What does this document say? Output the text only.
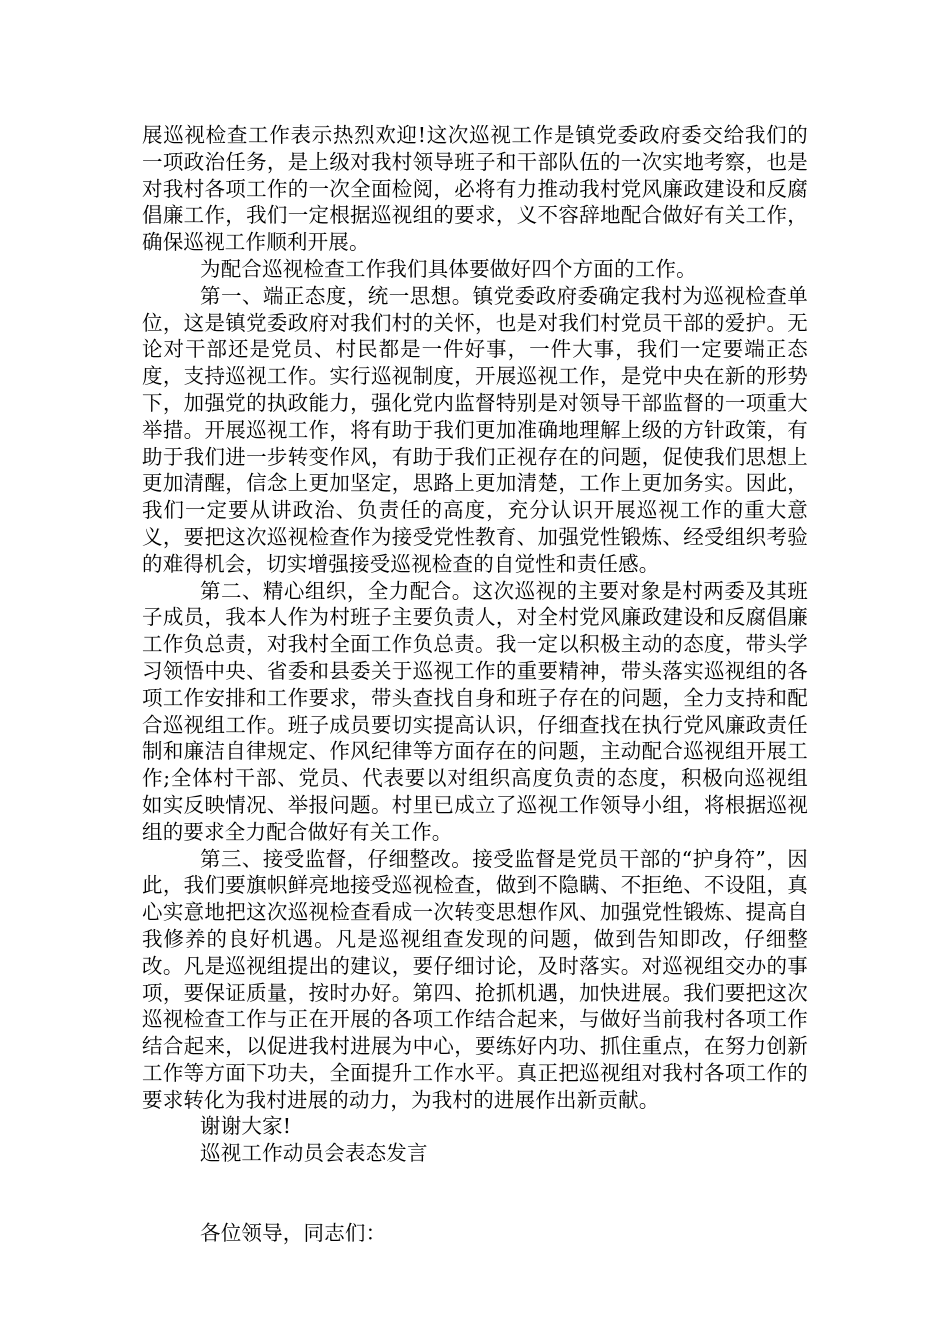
展巡视检查工作表示热烈欢迎!这次巡视工作是镇党委政府委交给我们的一项政治任务，是上级对我村领导班子和干部队伍的一次实地考察，也是对我村各项工作的一次全面检阅，必将有力推动我村党风廉政建设和反腐倡廉工作，我们一定根据巡视组的要求，义不容辞地配合做好有关工作，确保巡视工作顺利开展。

为配合巡视检查工作我们具体要做好四个方面的工作。

第一、端正态度，统一思想。镇党委政府委确定我村为巡视检查单位，这是镇党委政府对我们村的关怀，也是对我们村党员干部的爱护。无论对干部还是党员、村民都是一件好事，一件大事，我们一定要端正态度，支持巡视工作。实行巡视制度，开展巡视工作，是党中央在新的形势下，加强党的执政能力，强化党内监督特别是对领导干部监督的一项重大举措。开展巡视工作，将有助于我们更加准确地理解上级的方针政策，有助于我们进一步转变作风，有助于我们正视存在的问题，促使我们思想上更加清醒，信念上更加坚定，思路上更加清楚，工作上更加务实。因此，我们一定要从讲政治、负责任的高度，充分认识开展巡视工作的重大意义，要把这次巡视检查作为接受党性教育、加强党性锻炼、经受组织考验的难得机会，切实增强接受巡视检查的自觉性和责任感。

第二、精心组织，全力配合。这次巡视的主要对象是村两委及其班子成员，我本人作为村班子主要负责人，对全村党风廉政建设和反腐倡廉工作负总责，对我村全面工作负总责。我一定以积极主动的态度，带头学习领悟中央、省委和县委关于巡视工作的重要精神，带头落实巡视组的各项工作安排和工作要求，带头查找自身和班子存在的问题，全力支持和配合巡视组工作。班子成员要切实提高认识，仔细查找在执行党风廉政责任制和廉洁自律规定、作风纪律等方面存在的问题，主动配合巡视组开展工作;全体村干部、党员、代表要以对组织高度负责的态度，积极向巡视组如实反映情况、举报问题。村里已成立了巡视工作领导小组，将根据巡视组的要求全力配合做好有关工作。

第三、接受监督，仔细整改。接受监督是党员干部的“护身符”，因此，我们要旗帜鲜亮地接受巡视检查，做到不隐瞒、不拒绝、不设阻，真心实意地把这次巡视检查看成一次转变思想作风、加强党性锻炼、提高自我修养的良好机遇。凡是巡视组查发现的问题，做到告知即改，仔细整改。凡是巡视组提出的建议，要仔细讨论，及时落实。对巡视组交办的事项，要保证质量，按时办好。第四、抢抓机遇，加快进展。我们要把这次巡视检查工作与正在开展的各项工作结合起来，与做好当前我村各项工作结合起来，以促进我村进展为中心，要练好内功、抓住重点，在努力创新工作等方面下功夫，全面提升工作水平。真正把巡视组对我村各项工作的要求转化为我村进展的动力，为我村的进展作出新贡献。

谢谢大家!

巡视工作动员会表态发言

各位领导，同志们：
